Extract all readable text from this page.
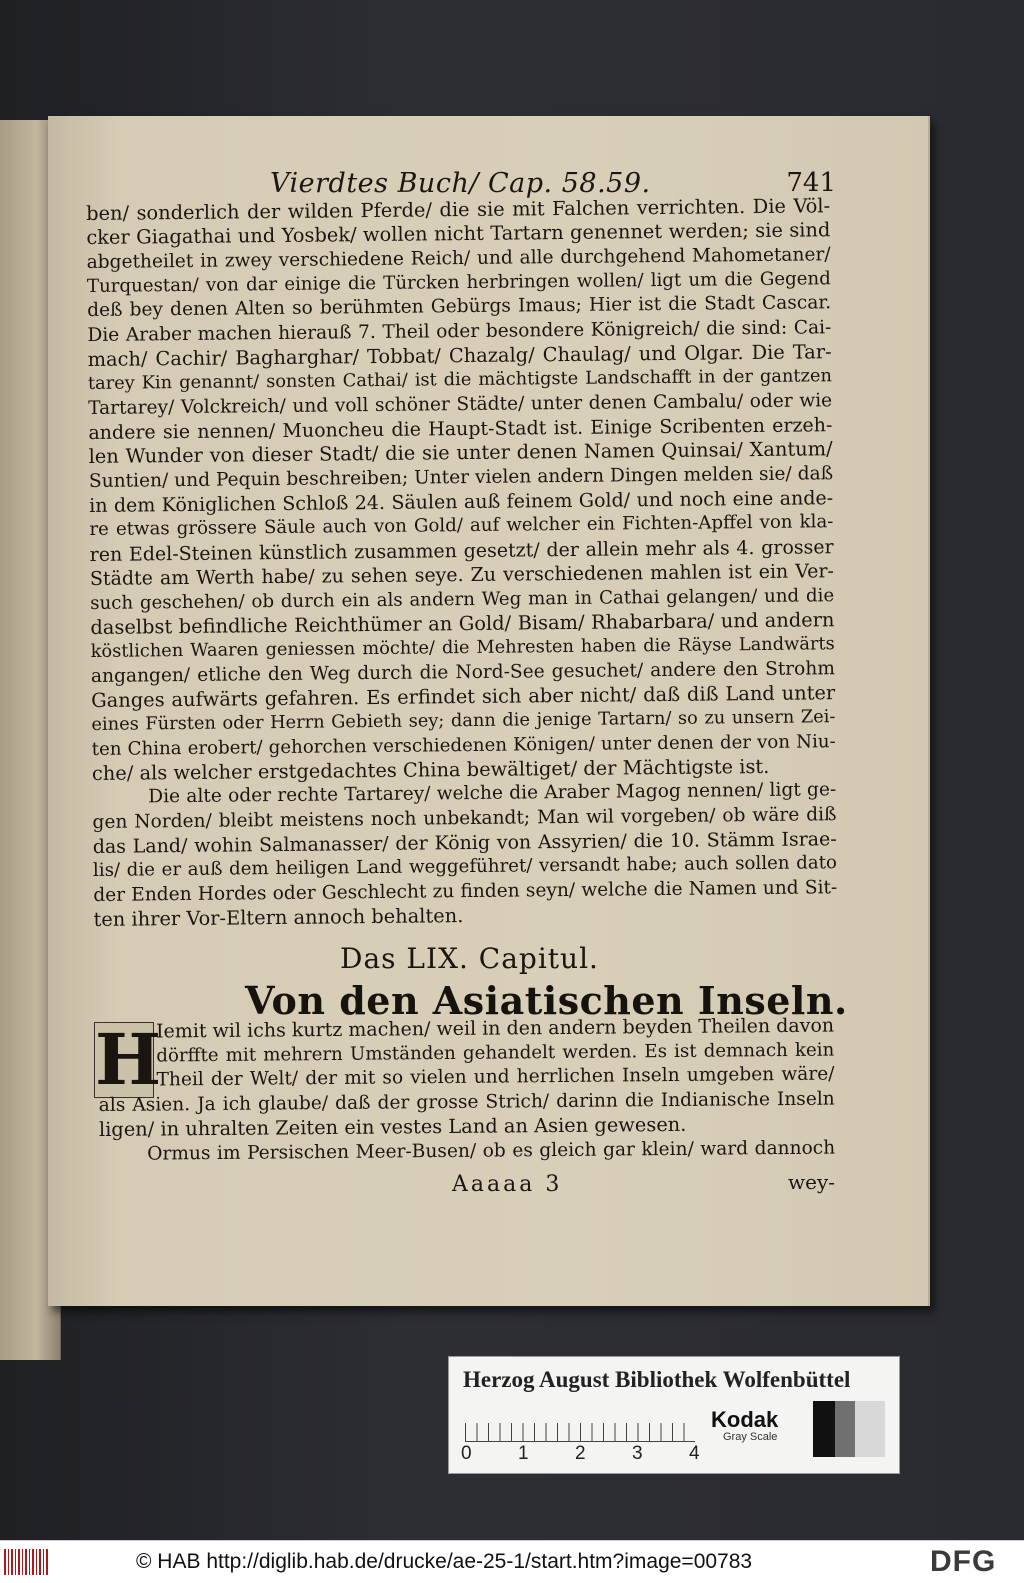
Vierdtes Buch/ Cap. 58.59.	741
ben/ sonderlich der wilden Pferde/ die sie mit Falchen verrichten. Die Völ-
cker Giagathai und Yosbek/ wollen nicht Tartarn genennet werden; sie sind
abgetheilet in zwey verschiedene Reich/ und alle durchgehend Mahometaner/
Turquestan/ von dar einige die Türcken herbringen wollen/ ligt um die Gegend
deß bey denen Alten so berühmten Gebürgs Imaus; Hier ist die Stadt Cascar.
Die Araber machen hierauß 7. Theil oder besondere Königreich/ die sind: Cai-
mach/ Cachir/ Bagharghar/ Tobbat/ Chazalg/ Chaulag/ und Olgar. Die Tar-
tarey Kin genannt/ sonsten Cathai/ ist die mächtigste Landschafft in der gantzen
Tartarey/ Volckreich/ und voll schöner Städte/ unter denen Cambalu/ oder wie
andere sie nennen/ Muoncheu die Haupt-Stadt ist. Einige Scribenten erzeh-
len Wunder von dieser Stadt/ die sie unter denen Namen Quinsai/ Xantum/
Suntien/ und Pequin beschreiben; Unter vielen andern Dingen melden sie/ daß
in dem Königlichen Schloß 24. Säulen auß feinem Gold/ und noch eine ande-
re etwas grössere Säule auch von Gold/ auf welcher ein Fichten-Apffel von kla-
ren Edel-Steinen künstlich zusammen gesetzt/ der allein mehr als 4. grosser
Städte am Werth habe/ zu sehen seye. Zu verschiedenen mahlen ist ein Ver-
such geschehen/ ob durch ein als andern Weg man in Cathai gelangen/ und die
daselbst befindliche Reichthümer an Gold/ Bisam/ Rhabarbara/ und andern
köstlichen Waaren geniessen möchte/ die Mehresten haben die Räyse Landwärts
angangen/ etliche den Weg durch die Nord-See gesuchet/ andere den Strohm
Ganges aufwärts gefahren. Es erfindet sich aber nicht/ daß diß Land unter
eines Fürsten oder Herrn Gebieth sey; dann die jenige Tartarn/ so zu unsern Zei-
ten China erobert/ gehorchen verschiedenen Königen/ unter denen der von Niu-
che/ als welcher erstgedachtes China bewältiget/ der Mächtigste ist.
Die alte oder rechte Tartarey/ welche die Araber Magog nennen/ ligt ge-
gen Norden/ bleibt meistens noch unbekandt; Man wil vorgeben/ ob wäre diß
das Land/ wohin Salmanasser/ der König von Assyrien/ die 10. Stämm Israe-
lis/ die er auß dem heiligen Land weggeführet/ versandt habe; auch sollen dato
der Enden Hordes oder Geschlecht zu finden seyn/ welche die Namen und Sit-
ten ihrer Vor-Eltern annoch behalten.
Das LIX. Capitul.
Von den Asiatischen Inseln.
H
Iemit wil ichs kurtz machen/ weil in den andern beyden Theilen davon
dörffte mit mehrern Umständen gehandelt werden. Es ist demnach kein
Theil der Welt/ der mit so vielen und herrlichen Inseln umgeben wäre/
als Asien. Ja ich glaube/ daß der grosse Strich/ darinn die Indianische Inseln
ligen/ in uhralten Zeiten ein vestes Land an Asien gewesen.
Ormus im Persischen Meer-Busen/ ob es gleich gar klein/ ward dannoch
Aaaaa 3	wey-
Herzog August Bibliothek Wolfenbüttel
0 1 2 3 4
Kodak
Gray Scale
© HAB http://diglib.hab.de/drucke/ae-25-1/start.htm?image=00783	DFG
